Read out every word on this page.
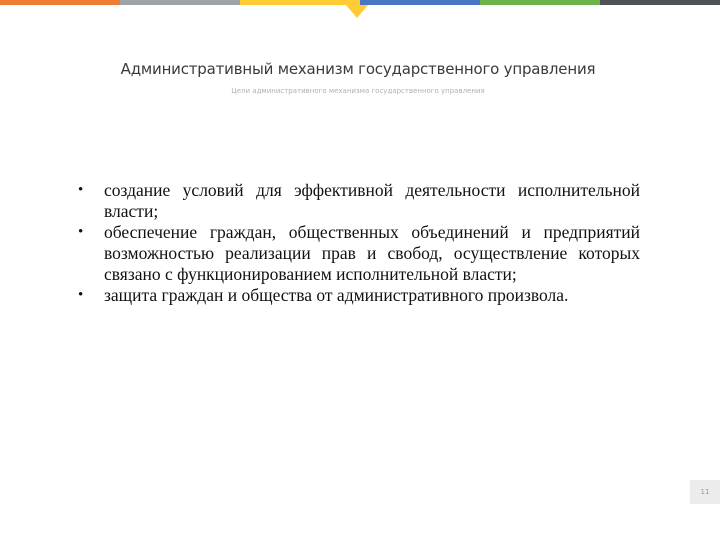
Административный механизм государственного управления
Цели административного механизма государственного управления
• создание условий для эффективной деятельности исполнительной власти;
• обеспечение граждан, общественных объединений и предприятий возможностью реализации прав и свобод, осуществление которых связано с функционированием исполнительной власти;
• защита граждан и общества от административного произвола.
11
